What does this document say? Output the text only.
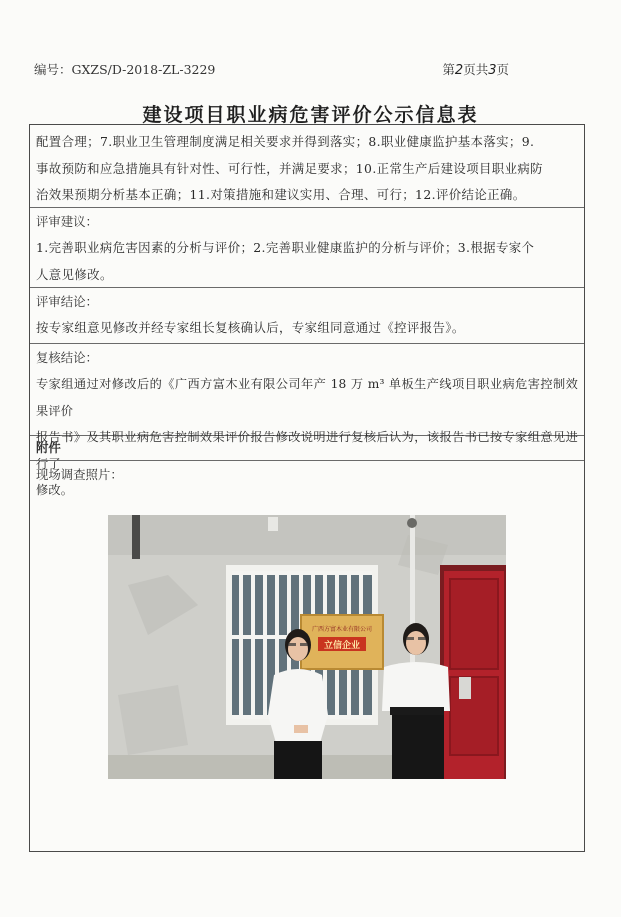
编号：GXZS/D-2018-ZL-3229	第2页共3页
建设项目职业病危害评价公示信息表

配置合理；7.职业卫生管理制度满足相关要求并得到落实；8.职业健康监护基本落实；9.

事故预防和应急措施具有针对性、可行性，并满足要求；10.正常生产后建设项目职业病防

治效果预期分析基本正确；11.对策措施和建议实用、合理、可行；12.评价结论正确。

评审建议：

1.完善职业病危害因素的分析与评价；2.完善职业健康监护的分析与评价；3.根据专家个

人意见修改。

评审结论：

按专家组意见修改并经专家组长复核确认后，专家组同意通过《控评报告》。

复核结论：

专家组通过对修改后的《广西方富木业有限公司年产 18 万 m³ 单板生产线项目职业病危害控制效果评价

报告书》及其职业病危害控制效果评价报告修改说明进行复核后认为，该报告书已按专家组意见进行了

修改。

附件
现场调查照片：
广西方富木业有限公司
立信企业
